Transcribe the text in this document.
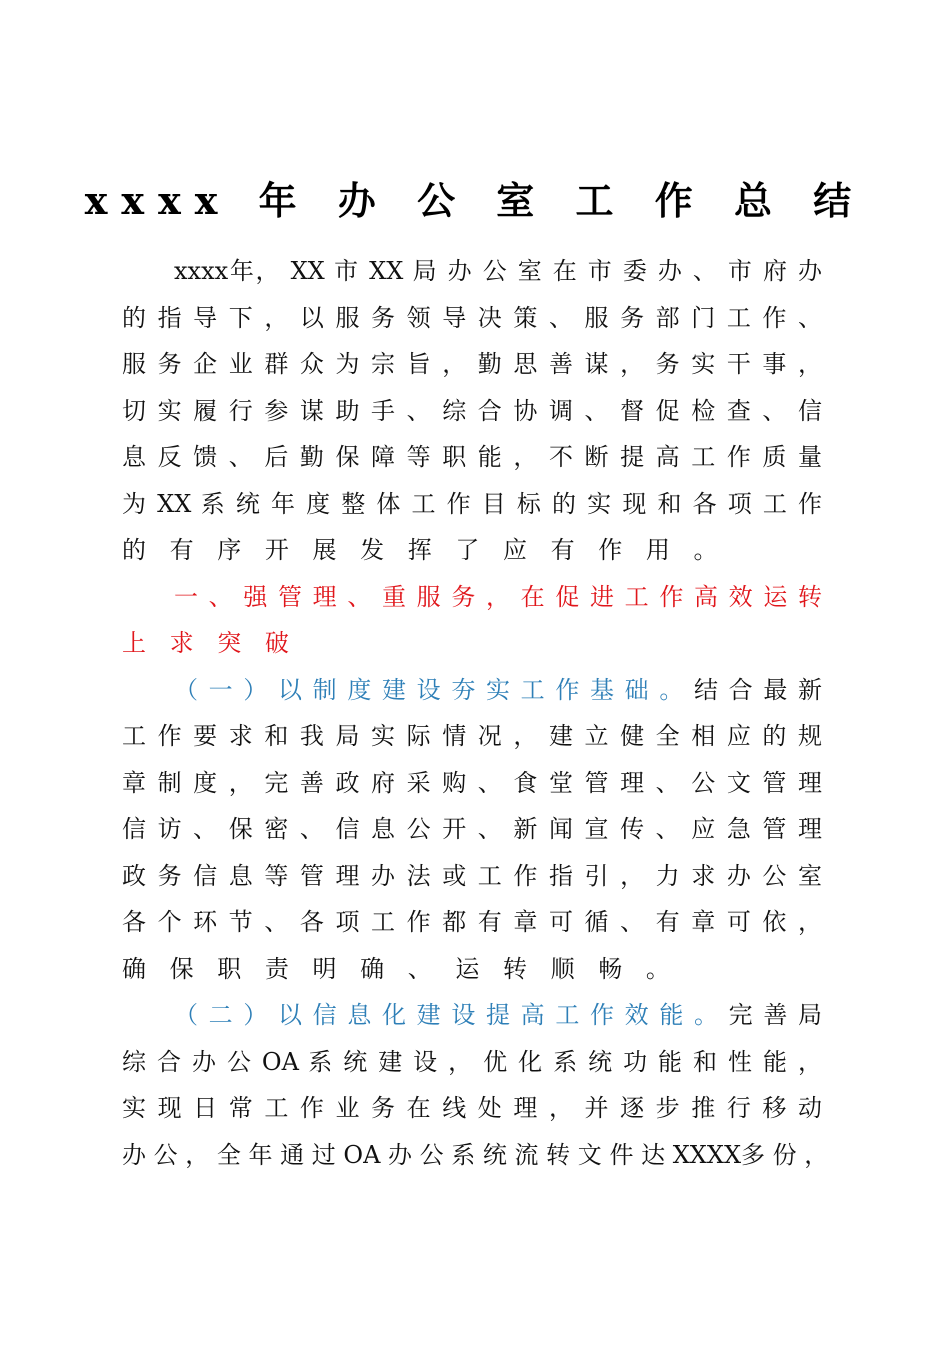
xxxx 年 办 公 室 工 作 总 结
xxxx年， XX 市 XX 局 办 公 室 在 市 委 办 、 市 府 办
的 指 导 下 ， 以 服 务 领 导 决 策 、 服 务 部 门 工 作 、
服 务 企 业 群 众 为 宗 旨 ， 勤 思 善 谋 ， 务 实 干 事 ，
切 实 履 行 参 谋 助 手 、 综 合 协 调 、 督 促 检 查 、 信
息 反 馈 、 后 勤 保 障 等 职 能 ， 不 断 提 高 工 作 质 量
为 XX 系 统 年 度 整 体 工 作 目 标 的 实 现 和 各 项 工 作
的 有 序 开 展 发 挥 了 应 有 作 用 。
一 、 强 管 理 、 重 服 务 ， 在 促 进 工 作 高 效 运 转
上 求 突 破
（ 一 ） 以 制 度 建 设 夯 实 工 作 基 础 。 结 合 最 新
工 作 要 求 和 我 局 实 际 情 况 ， 建 立 健 全 相 应 的 规
章 制 度 ， 完 善 政 府 采 购 、 食 堂 管 理 、 公 文 管 理
信 访 、 保 密 、 信 息 公 开 、 新 闻 宣 传 、 应 急 管 理
政 务 信 息 等 管 理 办 法 或 工 作 指 引 ， 力 求 办 公 室
各 个 环 节 、 各 项 工 作 都 有 章 可 循 、 有 章 可 依 ，
确 保 职 责 明 确 、 运 转 顺 畅 。
（ 二 ） 以 信 息 化 建 设 提 高 工 作 效 能 。 完 善 局
综 合 办 公 OA 系 统 建 设 ， 优 化 系 统 功 能 和 性 能 ，
实 现 日 常 工 作 业 务 在 线 处 理 ， 并 逐 步 推 行 移 动
办 公 ， 全 年 通 过 OA 办 公 系 统 流 转 文 件 达 XXXX多 份 ，
